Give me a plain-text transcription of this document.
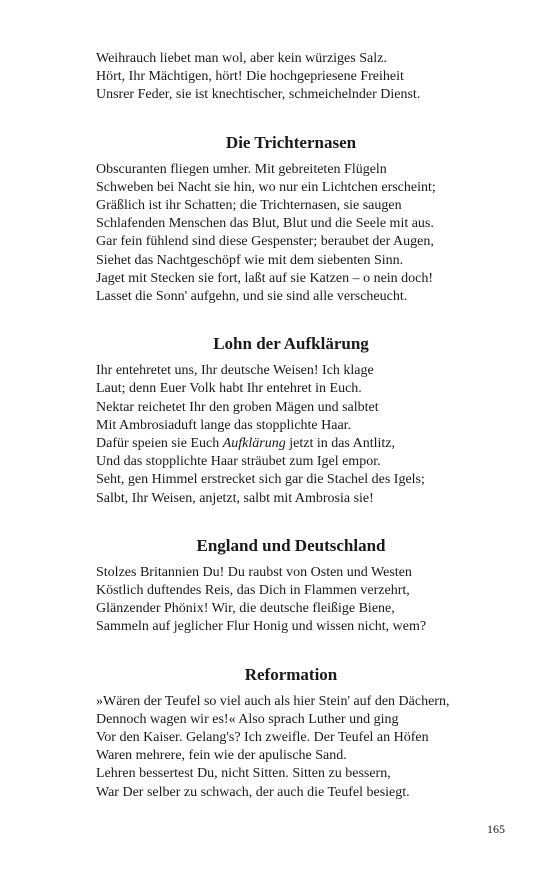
Weihrauch liebet man wol, aber kein würziges Salz.
Hört, Ihr Mächtigen, hört! Die hochgepriesene Freiheit
Unsrer Feder, sie ist knechtischer, schmeichelnder Dienst.
Die Trichternasen
Obscuranten fliegen umher. Mit gebreiteten Flügeln
Schweben bei Nacht sie hin, wo nur ein Lichtchen erscheint;
Gräßlich ist ihr Schatten; die Trichternasen, sie saugen
Schlafenden Menschen das Blut, Blut und die Seele mit aus.
Gar fein fühlend sind diese Gespenster; beraubet der Augen,
Siehet das Nachtgeschöpf wie mit dem siebenten Sinn.
Jaget mit Stecken sie fort, laßt auf sie Katzen – o nein doch!
Lasset die Sonn' aufgehn, und sie sind alle verscheucht.
Lohn der Aufklärung
Ihr entehretet uns, Ihr deutsche Weisen! Ich klage
Laut; denn Euer Volk habt Ihr entehret in Euch.
Nektar reichetet Ihr den groben Mägen und salbtet
Mit Ambrosiaduft lange das stopplichte Haar.
Dafür speien sie Euch Aufklärung jetzt in das Antlitz,
Und das stopplichte Haar sträubet zum Igel empor.
Seht, gen Himmel erstrecket sich gar die Stachel des Igels;
Salbt, Ihr Weisen, anjetzt, salbt mit Ambrosia sie!
England und Deutschland
Stolzes Britannien Du! Du raubst von Osten und Westen
Köstlich duftendes Reis, das Dich in Flammen verzehrt,
Glänzender Phönix! Wir, die deutsche fleißige Biene,
Sammeln auf jeglicher Flur Honig und wissen nicht, wem?
Reformation
»Wären der Teufel so viel auch als hier Stein' auf den Dächern,
Dennoch wagen wir es!« Also sprach Luther und ging
Vor den Kaiser. Gelang's? Ich zweifle. Der Teufel an Höfen
Waren mehrere, fein wie der apulische Sand.
Lehren bessertest Du, nicht Sitten. Sitten zu bessern,
War Der selber zu schwach, der auch die Teufel besiegt.
165
